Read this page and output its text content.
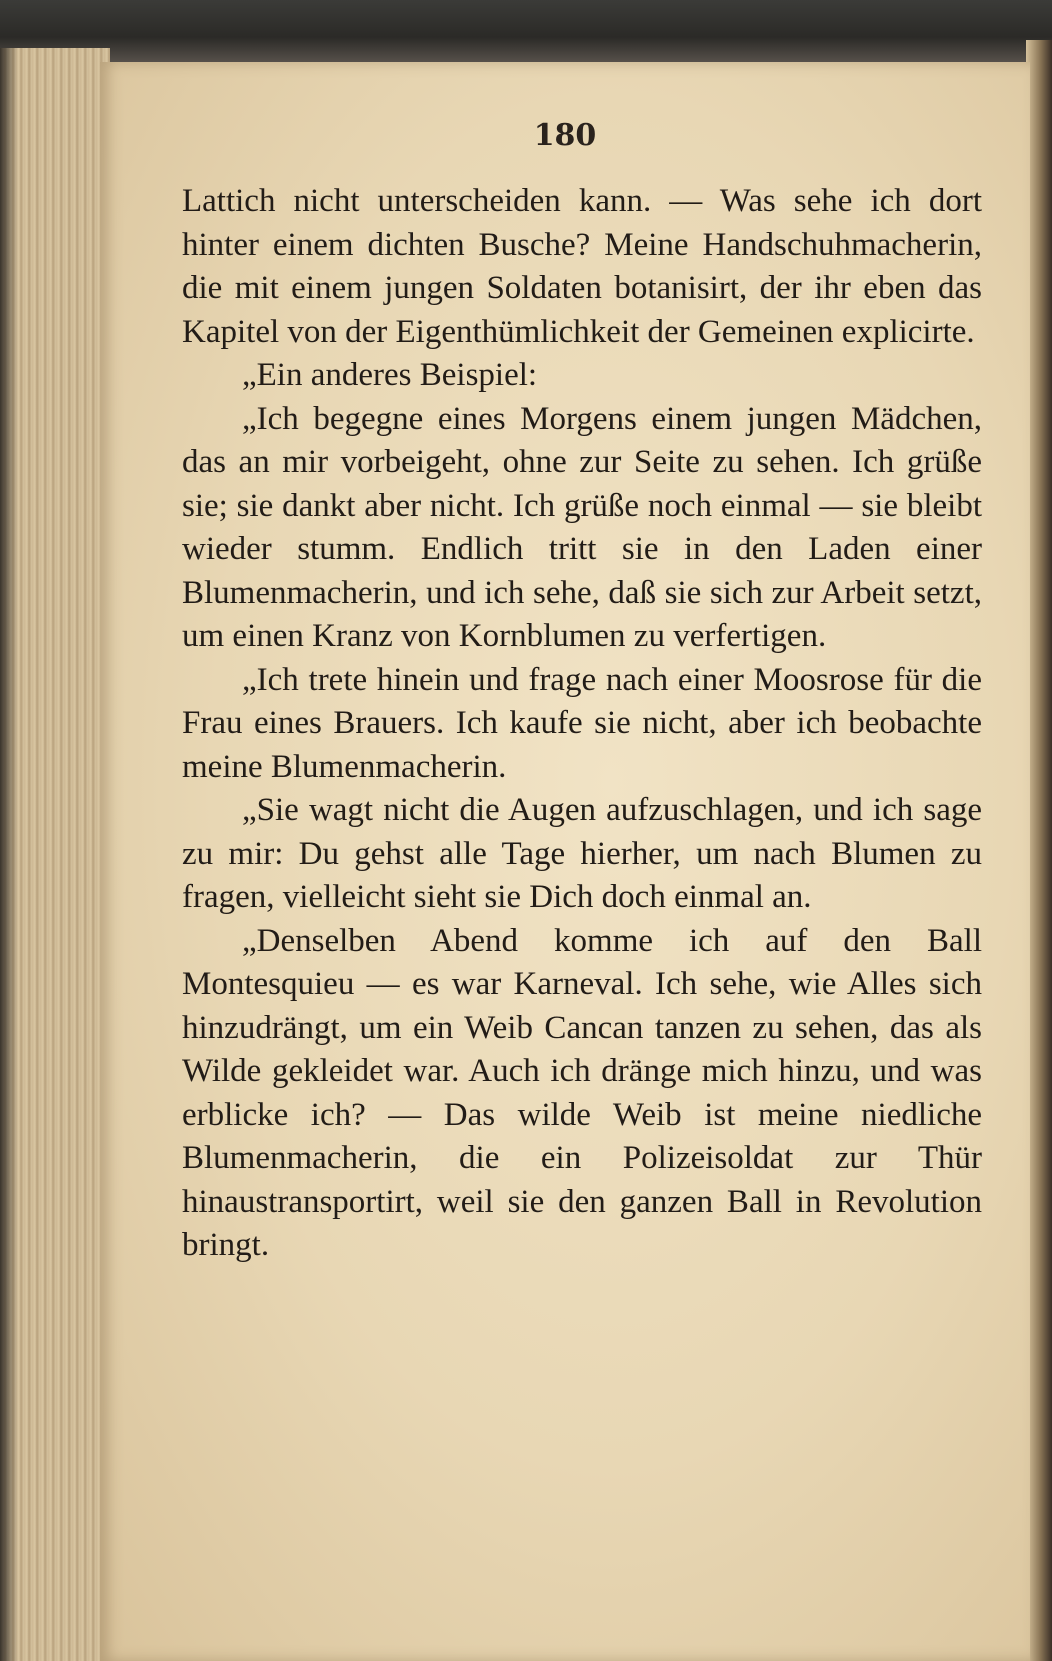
180

Lattich nicht unterscheiden kann. — Was sehe ich dort hinter einem dichten Busche? Meine Handschuhmacherin, die mit einem jungen Soldaten botanisirt, der ihr eben das Kapitel von der Eigenthümlichkeit der Gemeinen explicirte.

„Ein anderes Beispiel:

„Ich begegne eines Morgens einem jungen Mädchen, das an mir vorbeigeht, ohne zur Seite zu sehen. Ich grüße sie; sie dankt aber nicht. Ich grüße noch einmal — sie bleibt wieder stumm. Endlich tritt sie in den Laden einer Blumenmacherin, und ich sehe, daß sie sich zur Arbeit setzt, um einen Kranz von Kornblumen zu verfertigen.

„Ich trete hinein und frage nach einer Moosrose für die Frau eines Brauers. Ich kaufe sie nicht, aber ich beobachte meine Blumenmacherin.

„Sie wagt nicht die Augen aufzuschlagen, und ich sage zu mir: Du gehst alle Tage hierher, um nach Blumen zu fragen, vielleicht sieht sie Dich doch einmal an.

„Denselben Abend komme ich auf den Ball Montesquieu — es war Karneval. Ich sehe, wie Alles sich hinzudrängt, um ein Weib Cancan tanzen zu sehen, das als Wilde gekleidet war. Auch ich dränge mich hinzu, und was erblicke ich? — Das wilde Weib ist meine niedliche Blumenmacherin, die ein Polizeisoldat zur Thür hinaustransportirt, weil sie den ganzen Ball in Revolution bringt.
